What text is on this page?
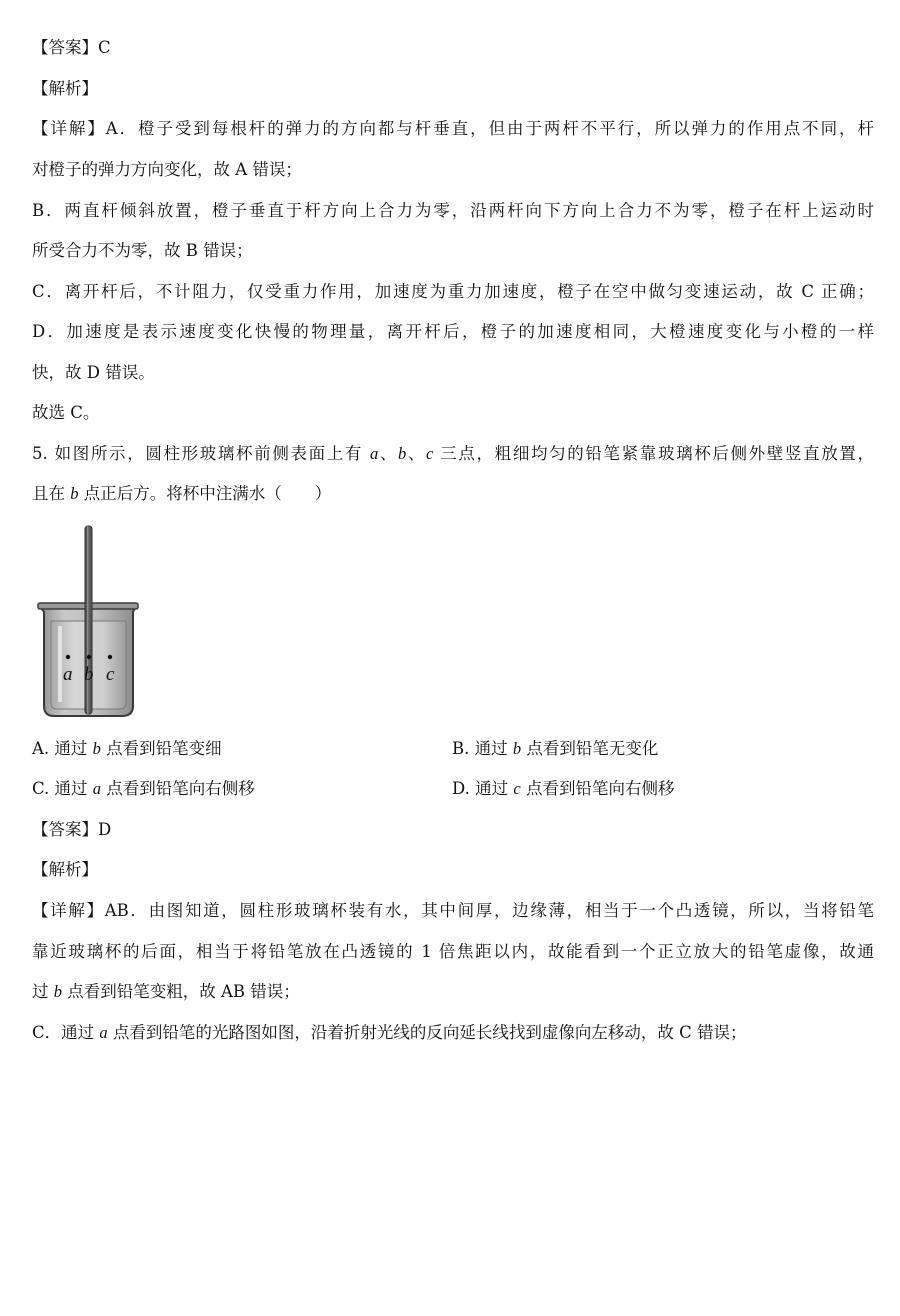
【答案】C
【解析】
【详解】A．橙子受到每根杆的弹力的方向都与杆垂直，但由于两杆不平行，所以弹力的作用点不同，杆
对橙子的弹力方向变化，故 A 错误；
B．两直杆倾斜放置，橙子垂直于杆方向上合力为零，沿两杆向下方向上合力不为零，橙子在杆上运动时
所受合力不为零，故 B 错误；
C．离开杆后，不计阻力，仅受重力作用，加速度为重力加速度，橙子在空中做匀变速运动，故 C 正确；
D．加速度是表示速度变化快慢的物理量，离开杆后，橙子的加速度相同，大橙速度变化与小橙的一样
快，故 D 错误。
故选 C。
5. 如图所示，圆柱形玻璃杯前侧表面上有 a、b、c 三点，粗细均匀的铅笔紧靠玻璃杯后侧外壁竖直放置，
且在 b 点正后方。将杯中注满水（　　）
a b c
A. 通过 b 点看到铅笔变细	B. 通过 b 点看到铅笔无变化
C. 通过 a 点看到铅笔向右侧移	D. 通过 c 点看到铅笔向右侧移
【答案】D
【解析】
【详解】AB．由图知道，圆柱形玻璃杯装有水，其中间厚，边缘薄，相当于一个凸透镜，所以，当将铅笔
靠近玻璃杯的后面，相当于将铅笔放在凸透镜的 1 倍焦距以内，故能看到一个正立放大的铅笔虚像，故通
过 b 点看到铅笔变粗，故 AB 错误；
C．通过 a 点看到铅笔的光路图如图，沿着折射光线的反向延长线找到虚像向左移动，故 C 错误；
